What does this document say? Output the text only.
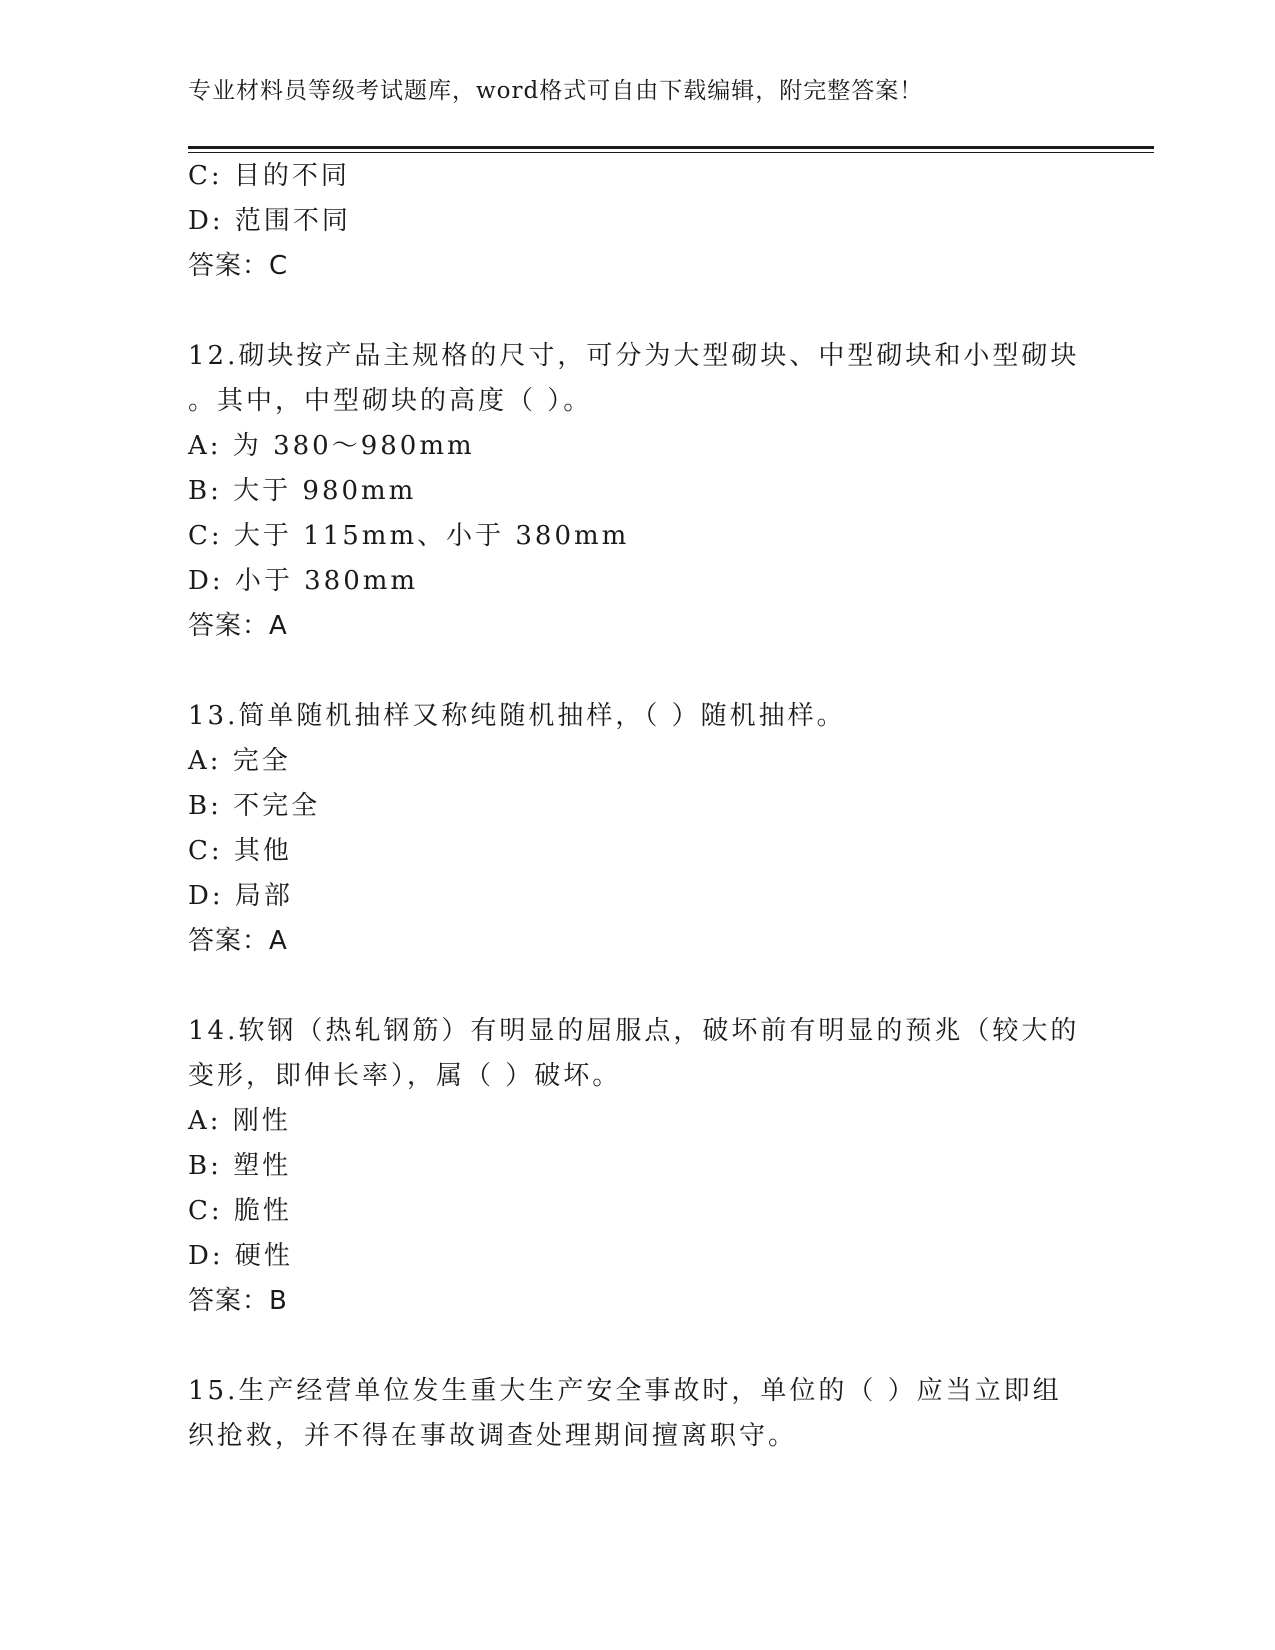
专业材料员等级考试题库，word格式可自由下载编辑，附完整答案！
C: 目的不同
D: 范围不同
答案：C
12.砌块按产品主规格的尺寸，可分为大型砌块、中型砌块和小型砌块
。其中，中型砌块的高度（ ）。
A: 为 380～980mm
B: 大于 980mm
C: 大于 115mm、小于 380mm
D: 小于 380mm
答案：A
13.简单随机抽样又称纯随机抽样，（ ）随机抽样。
A: 完全
B: 不完全
C: 其他
D: 局部
答案：A
14.软钢（热轧钢筋）有明显的屈服点，破坏前有明显的预兆（较大的
变形，即伸长率），属（ ）破坏。
A: 刚性
B: 塑性
C: 脆性
D: 硬性
答案：B
15.生产经营单位发生重大生产安全事故时，单位的（ ）应当立即组
织抢救，并不得在事故调查处理期间擅离职守。
